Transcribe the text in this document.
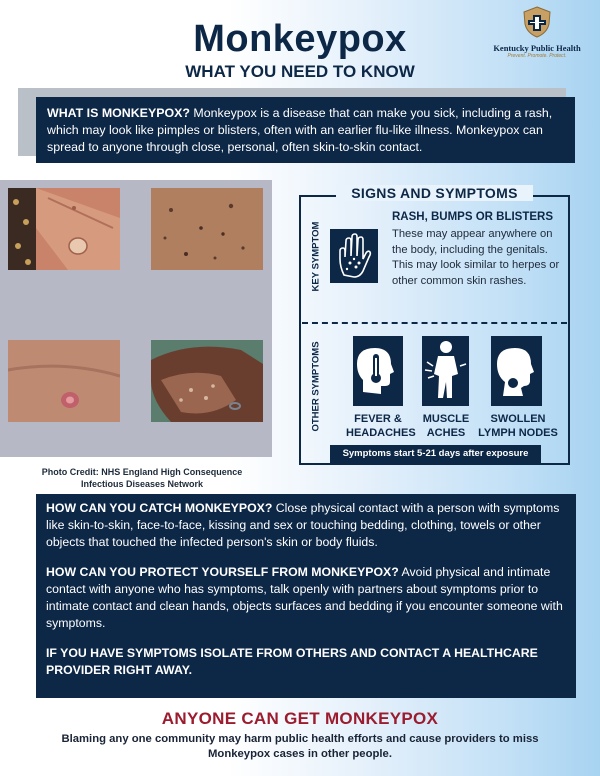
Monkeypox
WHAT YOU NEED TO KNOW
Kentucky Public Health
Prevent. Promote. Protect.
WHAT IS MONKEYPOX? Monkeypox is a disease that can make you sick, including a rash, which may look like pimples or blisters, often with an earlier flu-like illness. Monkeypox can spread to anyone through close, personal, often skin-to-skin contact.
Photo Credit: NHS England High Consequence Infectious Diseases Network
SIGNS AND SYMPTOMS
KEY SYMPTOM
OTHER SYMPTOMS
RASH, BUMPS OR BLISTERS
These may appear anywhere on the body, including the genitals. This may look similar to herpes or other common skin rashes.
FEVER &
HEADACHES
MUSCLE
ACHES
SWOLLEN
LYMPH NODES
Symptoms start 5-21 days after exposure

HOW CAN YOU CATCH MONKEYPOX? Close physical contact with a person with symptoms like skin-to-skin, face-to-face, kissing and sex or touching bedding, clothing, towels or other objects that touched the infected person's skin or body fluids.

HOW CAN YOU PROTECT YOURSELF FROM MONKEYPOX? Avoid physical and intimate contact with anyone who has symptoms, talk openly with partners about symptoms prior to intimate contact and clean hands, objects surfaces and bedding if you encounter someone with symptoms.

IF YOU HAVE SYMPTOMS ISOLATE FROM OTHERS AND CONTACT A HEALTHCARE PROVIDER RIGHT AWAY.

ANYONE CAN GET MONKEYPOX
Blaming any one community may harm public health efforts and cause providers to miss Monkeypox cases in other people.
